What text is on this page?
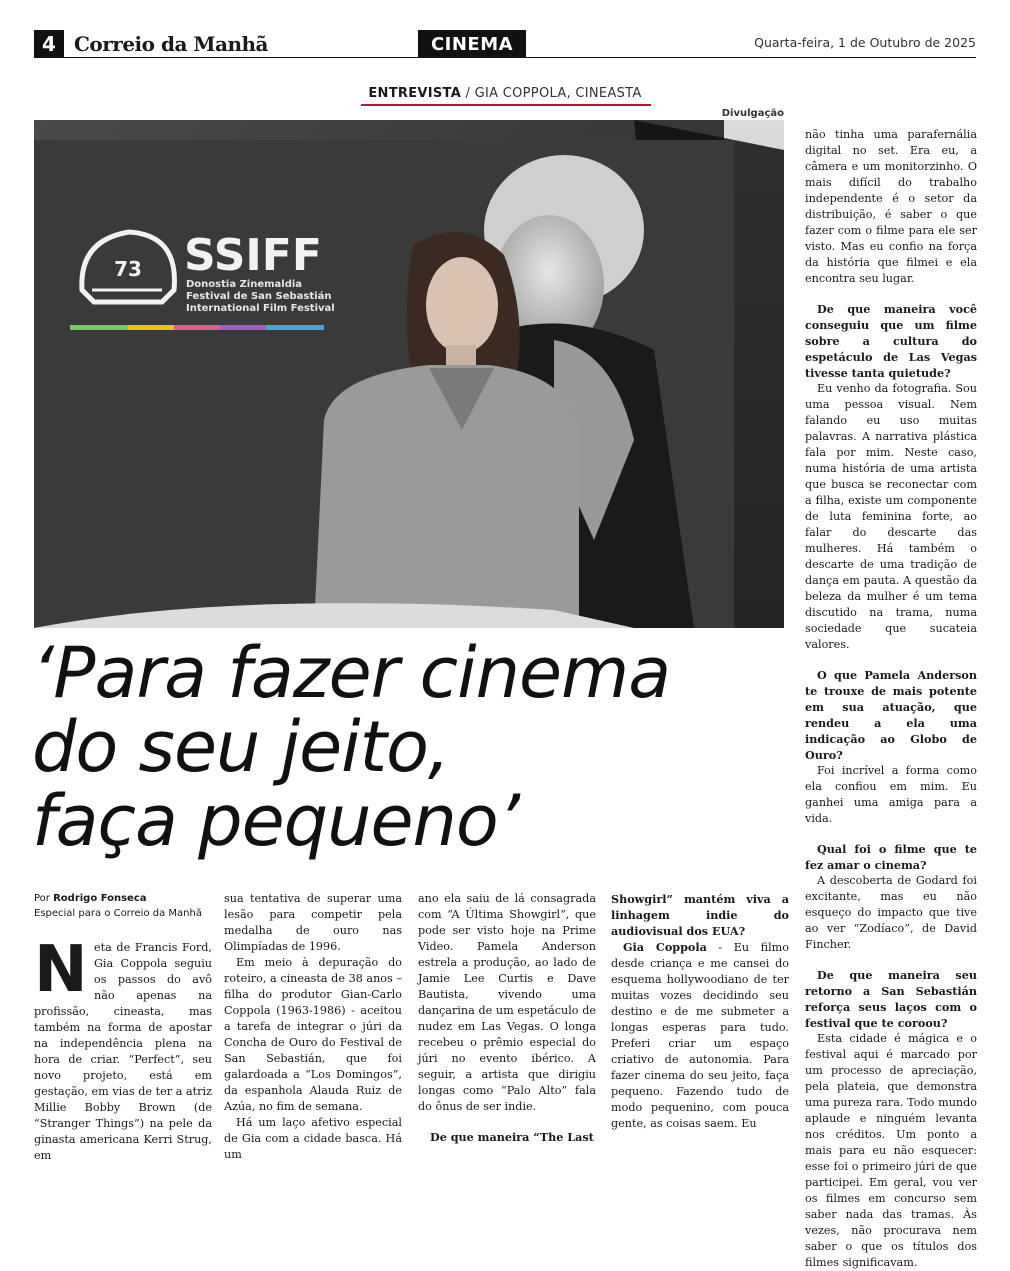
4 Correio da Manhã	CINEMA	Quarta-feira, 1 de Outubro de 2025
ENTREVISTA / GIA COPPOLA, CINEASTA
Divulgação
73 SSIFF
Donostia Zinemaldia
Festival de San Sebastián
International Film Festival
‘Para fazer cinema
do seu jeito,
faça pequeno’
Por Rodrigo Fonseca
Especial para o Correio da Manhã
N eta de Francis Ford, Gia Coppola seguiu os passos do avô não apenas na profissão, cineasta, mas também na forma de apostar na independência plena na hora de criar. “Perfect”, seu novo projeto, está em gestação, em vias de ter a atriz Millie Bobby Brown (de “Stranger Things”) na pele da ginasta americana Kerri Strug, em

sua tentativa de superar uma lesão para competir pela medalha de ouro nas Olimpíadas de 1996.

Em meio à depuração do roteiro, a cineasta de 38 anos – filha do produtor Gian-Carlo Coppola (1963-1986) - aceitou a tarefa de integrar o júri da Concha de Ouro do Festival de San Sebastián, que foi galardoada a “Los Domingos”, da espanhola Alauda Ruiz de Azúa, no fim de semana.

Há um laço afetivo especial de Gia com a cidade basca. Há um

ano ela saiu de lá consagrada com “A Última Showgirl”, que pode ser visto hoje na Prime Video. Pamela Anderson estrela a produção, ao lado de Jamie Lee Curtis e Dave Bautista, vivendo uma dançarina de um espetáculo de nudez em Las Vegas. O longa recebeu o prêmio especial do júri no evento ibérico. A seguir, a artista que dirigiu longas como “Palo Alto” fala do ônus de ser indie.

De que maneira “The Last

Showgirl” mantém viva a linhagem indie do audiovisual dos EUA?

Gia Coppola - Eu filmo desde criança e me cansei do esquema hollywoodiano de ter muitas vozes decidindo seu destino e de me submeter a longas esperas para tudo. Preferi criar um espaço criativo de autonomia. Para fazer cinema do seu jeito, faça pequeno. Fazendo tudo de modo pequenino, com pouca gente, as coisas saem. Eu

não tinha uma parafernália digital no set. Era eu, a câmera e um monitorzinho. O mais difícil do trabalho independente é o setor da distribuição, é saber o que fazer com o filme para ele ser visto. Mas eu confio na força da história que filmei e ela encontra seu lugar.

De que maneira você conseguiu que um filme sobre a cultura do espetáculo de Las Vegas tivesse tanta quietude?

Eu venho da fotografia. Sou uma pessoa visual. Nem falando eu uso muitas palavras. A narrativa plástica fala por mim. Neste caso, numa história de uma artista que busca se reconectar com a filha, existe um componente de luta feminina forte, ao falar do descarte das mulheres. Há também o descarte de uma tradição de dança em pauta. A questão da beleza da mulher é um tema discutido na trama, numa sociedade que sucateia valores.

O que Pamela Anderson te trouxe de mais potente em sua atuação, que rendeu a ela uma indicação ao Globo de Ouro?

Foi incrível a forma como ela confiou em mim. Eu ganhei uma amiga para a vida.

Qual foi o filme que te fez amar o cinema?

A descoberta de Godard foi excitante, mas eu não esqueço do impacto que tive ao ver “Zodíaco”, de David Fincher.

De que maneira seu retorno a San Sebastián reforça seus laços com o festival que te coroou?

Esta cidade é mágica e o festival aqui é marcado por um processo de apreciação, pela plateia, que demonstra uma pureza rara. Todo mundo aplaude e ninguém levanta nos créditos. Um ponto a mais para eu não esquecer: esse foi o primeiro júri de que participei. Em geral, vou ver os filmes em concurso sem saber nada das tramas. Às vezes, não procurava nem saber o que os títulos dos filmes significavam.
